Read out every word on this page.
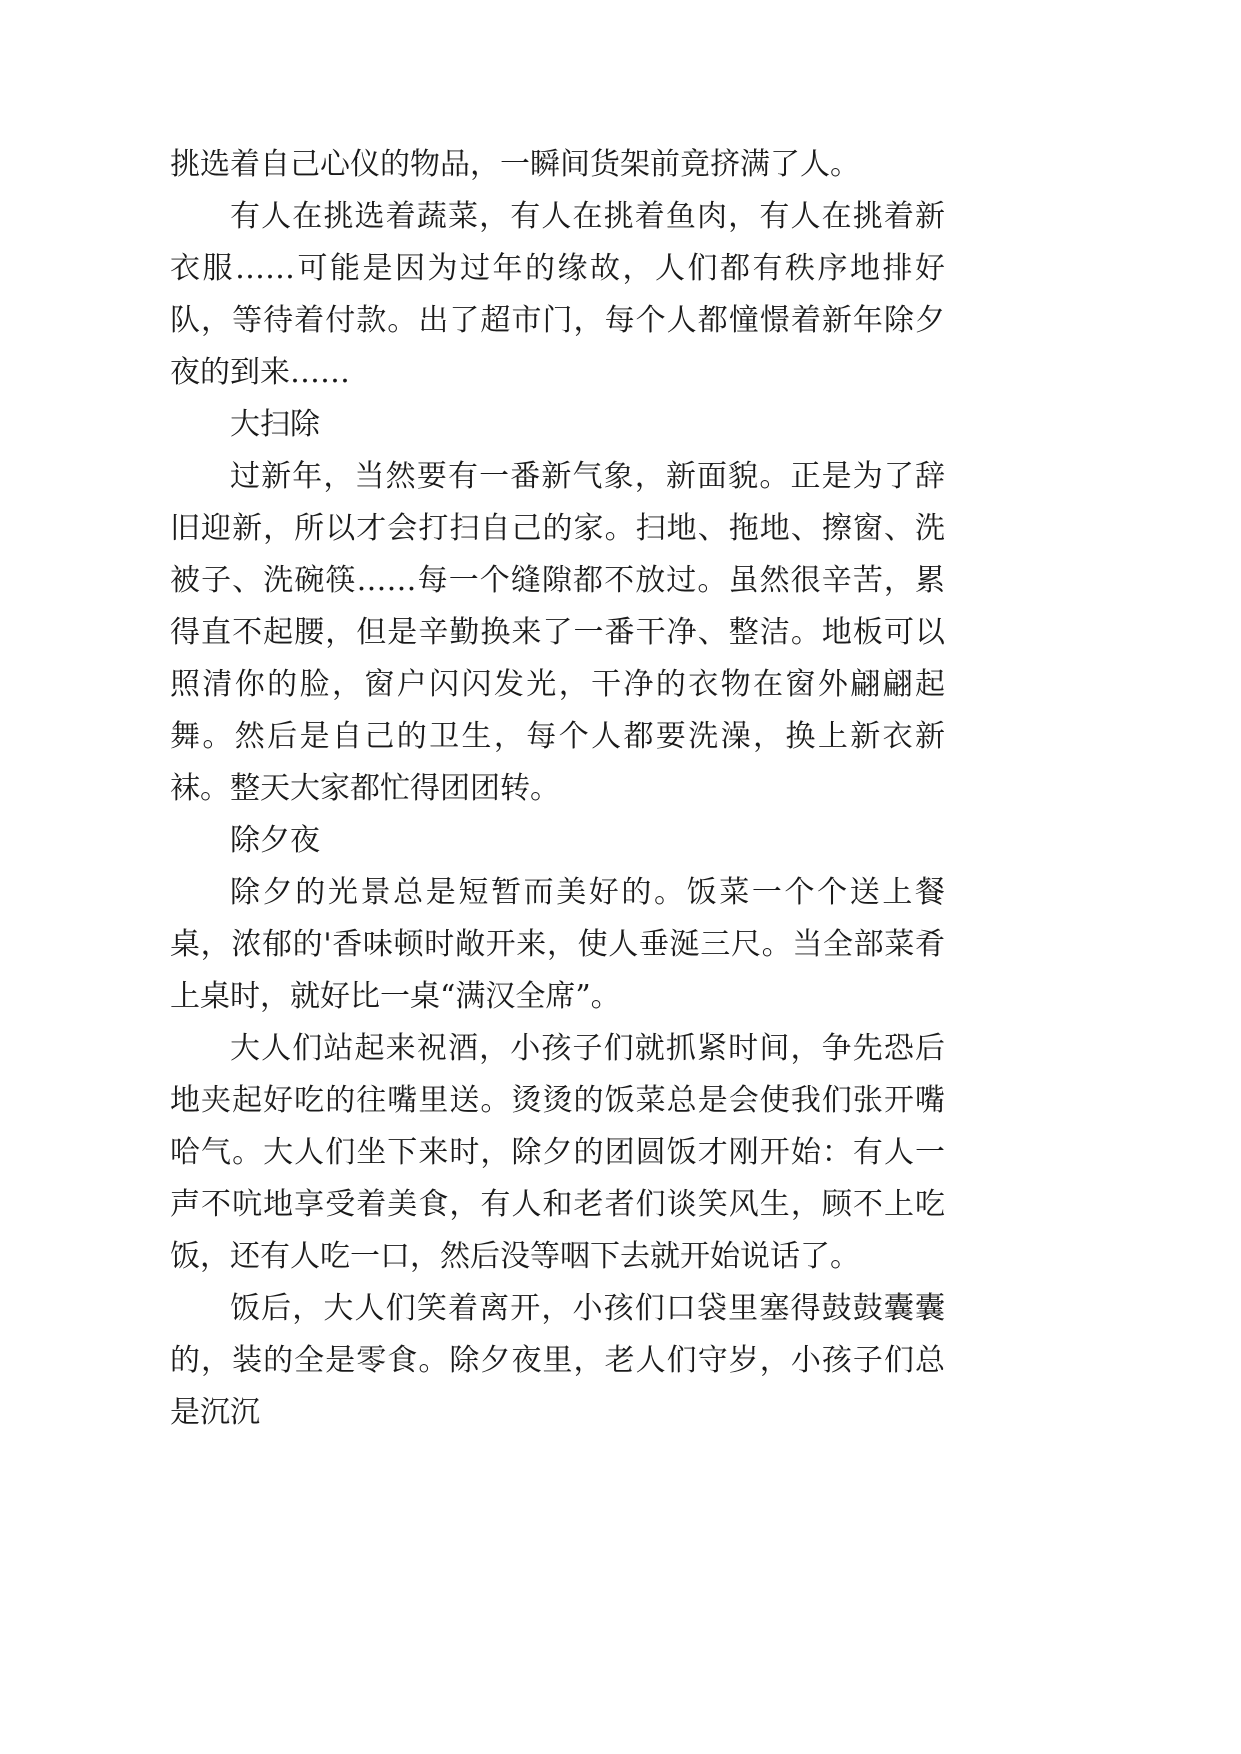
挑选着自己心仪的物品，一瞬间货架前竟挤满了人。

有人在挑选着蔬菜，有人在挑着鱼肉，有人在挑着新衣服……可能是因为过年的缘故，人们都有秩序地排好队，等待着付款。出了超市门，每个人都憧憬着新年除夕夜的到来……

大扫除

过新年，当然要有一番新气象，新面貌。正是为了辞旧迎新，所以才会打扫自己的家。扫地、拖地、擦窗、洗被子、洗碗筷……每一个缝隙都不放过。虽然很辛苦，累得直不起腰，但是辛勤换来了一番干净、整洁。地板可以照清你的脸，窗户闪闪发光，干净的衣物在窗外翩翩起舞。然后是自己的卫生，每个人都要洗澡，换上新衣新袜。整天大家都忙得团团转。

除夕夜

除夕的光景总是短暂而美好的。饭菜一个个送上餐桌，浓郁的'香味顿时敞开来，使人垂涎三尺。当全部菜肴上桌时，就好比一桌“满汉全席”。

大人们站起来祝酒，小孩子们就抓紧时间，争先恐后地夹起好吃的往嘴里送。烫烫的饭菜总是会使我们张开嘴哈气。大人们坐下来时，除夕的团圆饭才刚开始：有人一声不吭地享受着美食，有人和老者们谈笑风生，顾不上吃饭，还有人吃一口，然后没等咽下去就开始说话了。

饭后，大人们笑着离开，小孩们口袋里塞得鼓鼓囊囊的，装的全是零食。除夕夜里，老人们守岁，小孩子们总是沉沉
